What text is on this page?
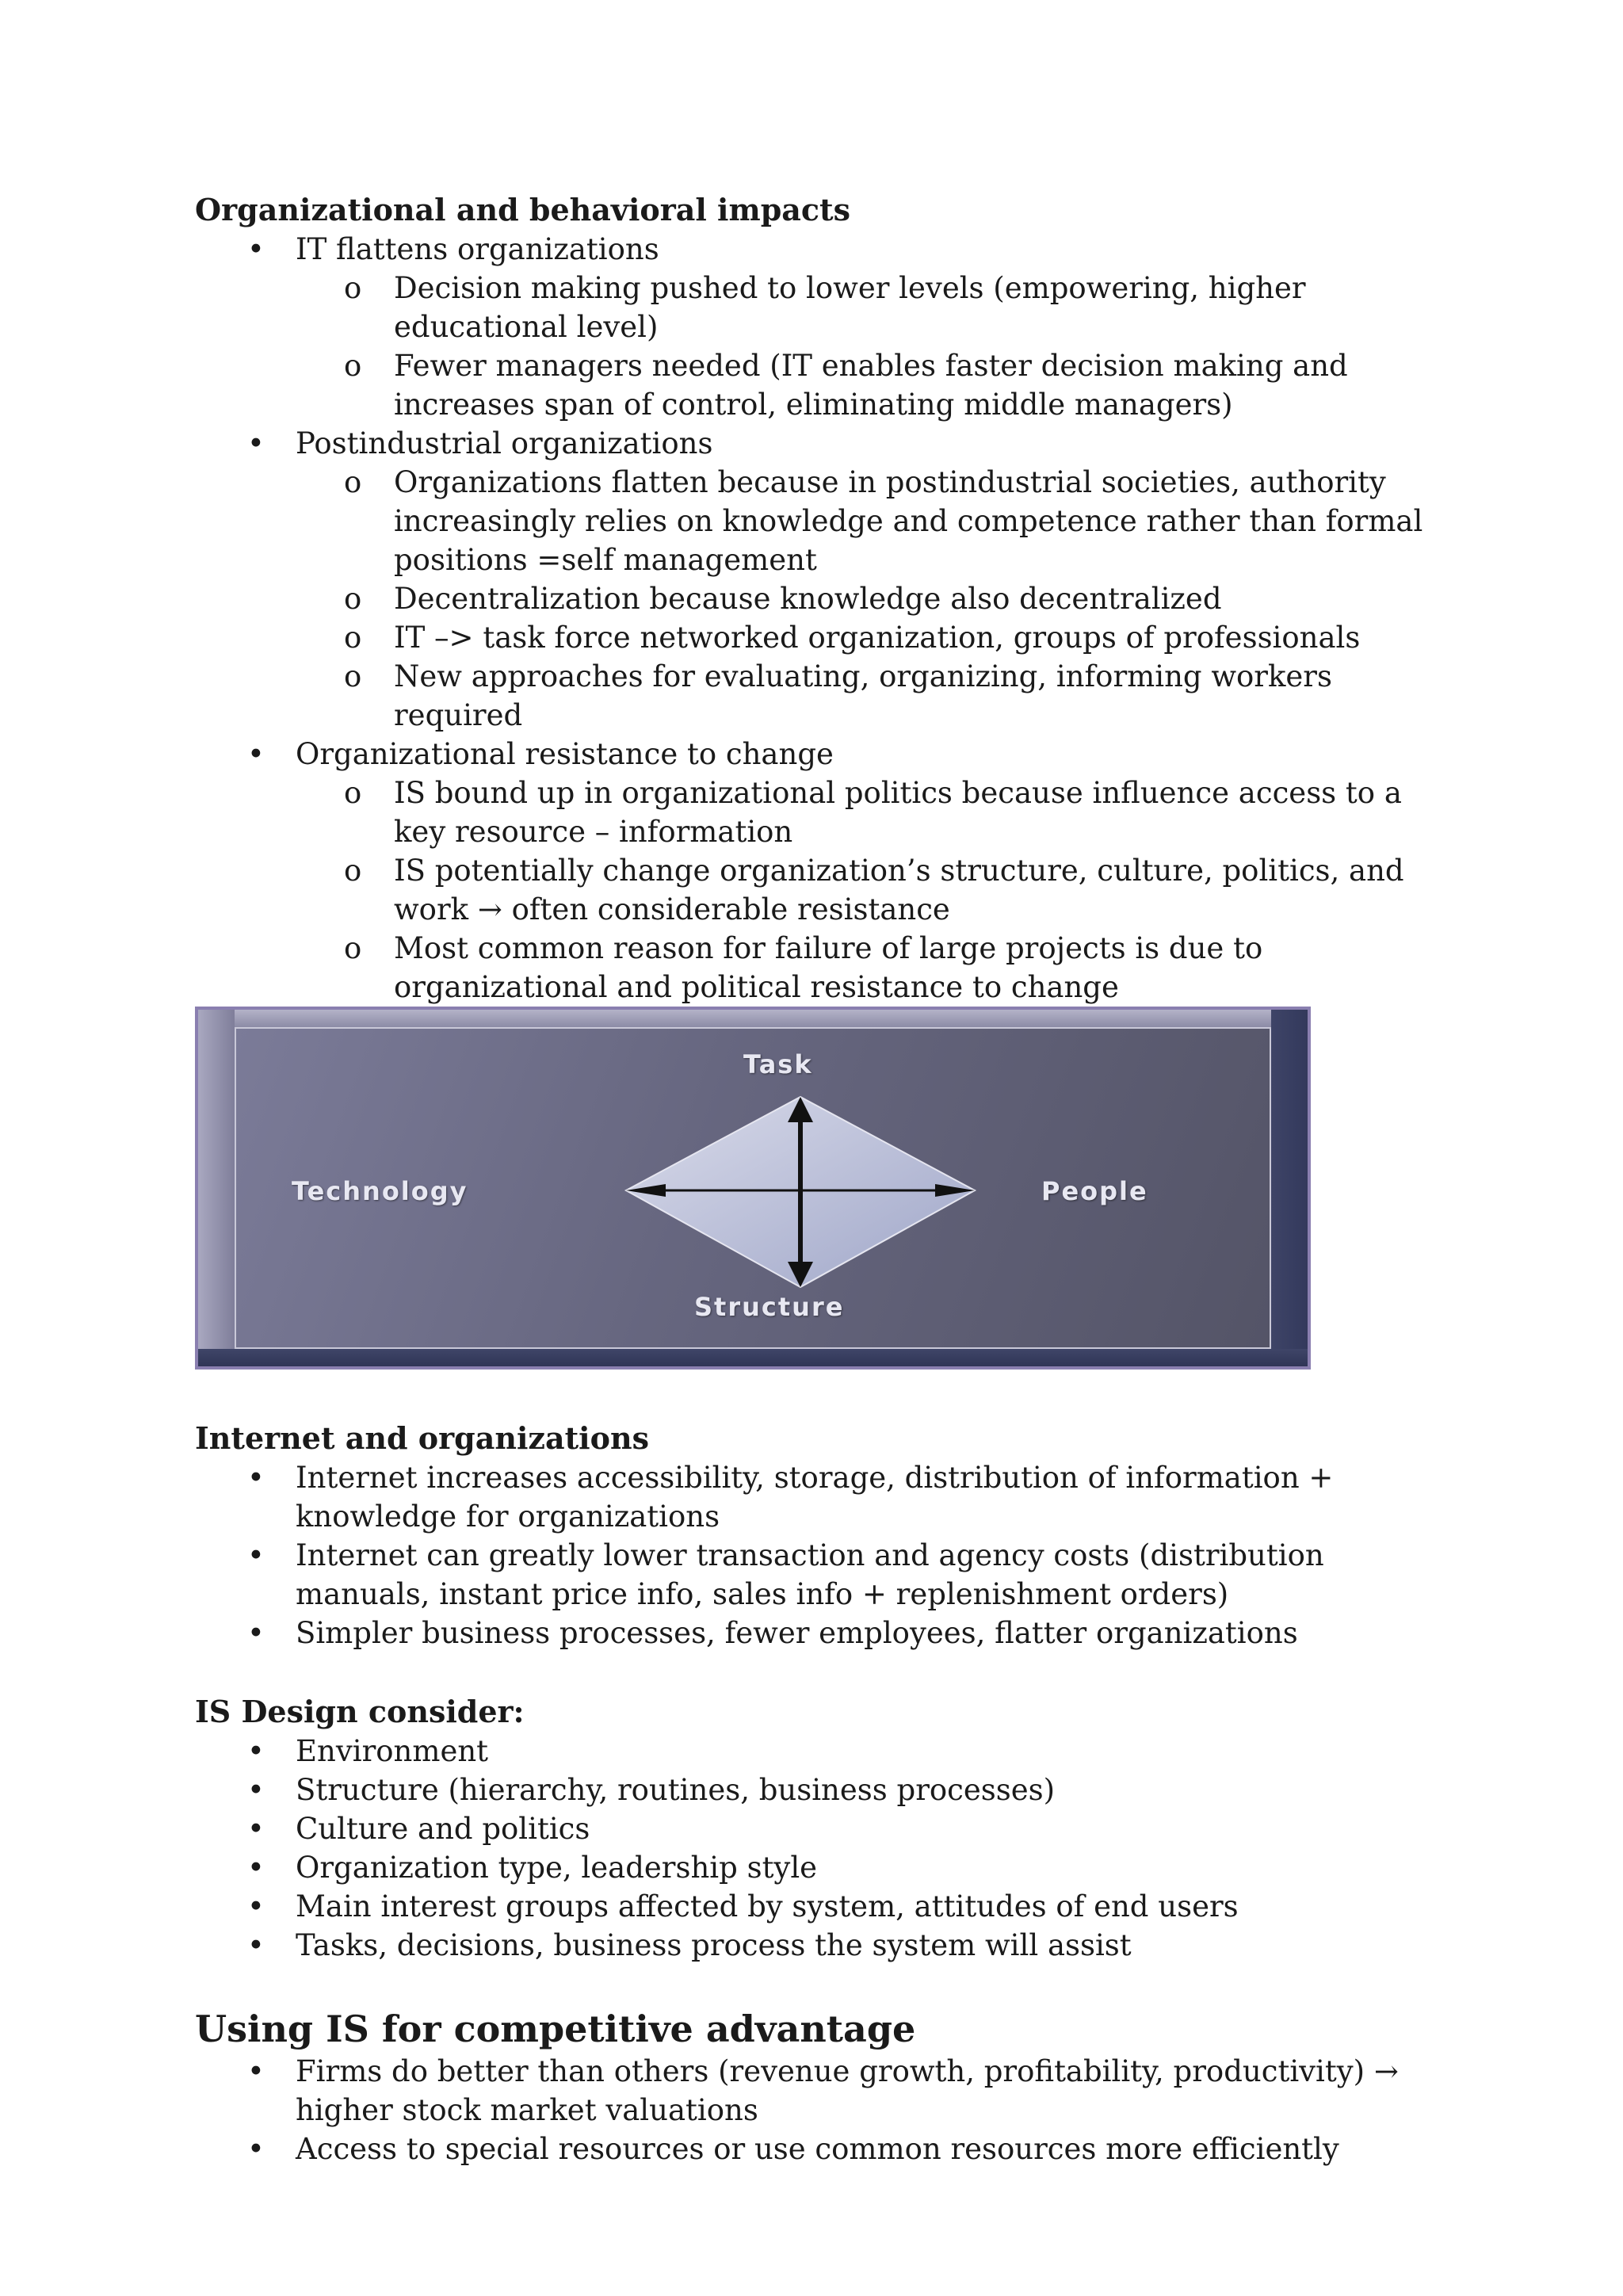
Organizational and behavioral impacts

• IT flattens organizations

o Decision making pushed to lower levels (empowering, higher educational level)

o Fewer managers needed (IT enables faster decision making and increases span of control, eliminating middle managers)

• Postindustrial organizations

o Organizations flatten because in postindustrial societies, authority increasingly relies on knowledge and competence rather than formal positions =self management

o Decentralization because knowledge also decentralized

o IT –> task force networked organization, groups of professionals

o New approaches for evaluating, organizing, informing workers required

• Organizational resistance to change

o IS bound up in organizational politics because influence access to a key resource – information

o IS potentially change organization’s structure, culture, politics, and work → often considerable resistance

o Most common reason for failure of large projects is due to organizational and political resistance to change

Task
Technology	People
Structure

Internet and organizations

• Internet increases accessibility, storage, distribution of information + knowledge for organizations

• Internet can greatly lower transaction and agency costs (distribution manuals, instant price info, sales info + replenishment orders)

• Simpler business processes, fewer employees, flatter organizations

IS Design consider:

• Environment

• Structure (hierarchy, routines, business processes)

• Culture and politics

• Organization type, leadership style

• Main interest groups affected by system, attitudes of end users

• Tasks, decisions, business process the system will assist

Using IS for competitive advantage

• Firms do better than others (revenue growth, profitability, productivity) → higher stock market valuations

• Access to special resources or use common resources more efficiently
